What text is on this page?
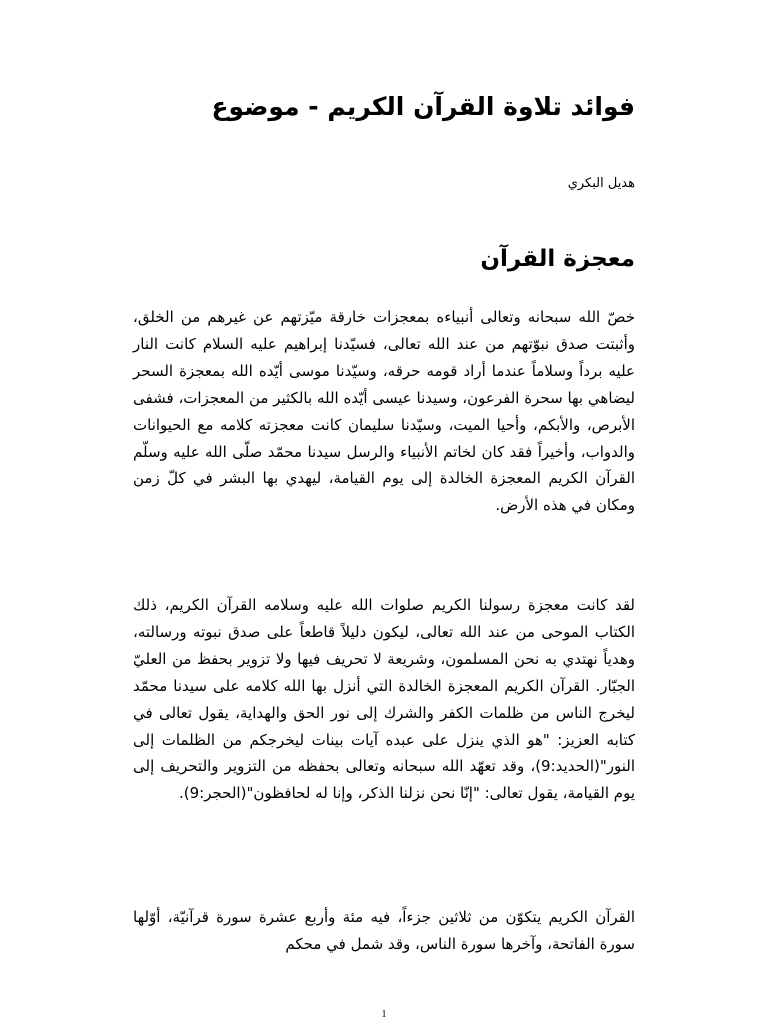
فوائد تلاوة القرآن الكريم - موضوع

هديل البكري

معجزة القرآن

خصّ الله سبحانه وتعالى أنبياءه بمعجزات خارقة ميّزتهم عن غيرهم من الخلق، وأثبتت صدق نبوّتهم من عند الله تعالى، فسيّدنا إبراهيم عليه السلام كانت النار عليه برداً وسلاماً عندما أراد قومه حرقه، وسيّدنا موسى أيّده الله بمعجزة السحر ليضاهي بها سحرة الفرعون، وسيدنا عيسى أيّده الله بالكثير من المعجزات، فشفى الأبرص، والأبكم، وأحيا الميت، وسيّدنا سليمان كانت معجزته كلامه مع الحيوانات والدواب، وأخيراً فقد كان لخاتم الأنبياء والرسل سيدنا محمّد صلّى الله عليه وسلّم القرآن الكريم المعجزة الخالدة إلى يوم القيامة، ليهدي بها البشر في كلّ زمن ومكان في هذه الأرض.

لقد كانت معجزة رسولنا الكريم صلوات الله عليه وسلامه القرآن الكريم، ذلك الكتاب الموحى من عند الله تعالى، ليكون دليلاً قاطعاً على صدق نبوته ورسالته، وهدياً نهتدي به نحن المسلمون، وشريعة لا تحريف فيها ولا تزوير بحفظ من العليّ الجبّار. القرآن الكريم المعجزة الخالدة التي أنزل بها الله كلامه على سيدنا محمّد ليخرج الناس من ظلمات الكفر والشرك إلى نور الحق والهداية، يقول تعالى في كتابه العزيز: "هو الذي ينزل على عبده آيات بينات ليخرجكم من الظلمات إلى النور"(الحديد:9)، وقد تعهّد الله سبحانه وتعالى بحفظه من التزوير والتحريف إلى يوم القيامة، يقول تعالى: "إنّا نحن نزلنا الذكر، وإنا له لحافظون"(الحجر:9).

القرآن الكريم يتكوّن من ثلاثين جزءاً، فيه مئة وأربع عشرة سورة قرآنيّة، أوّلها سورة الفاتحة، وآخرها سورة الناس، وقد شمل في محكم

1
